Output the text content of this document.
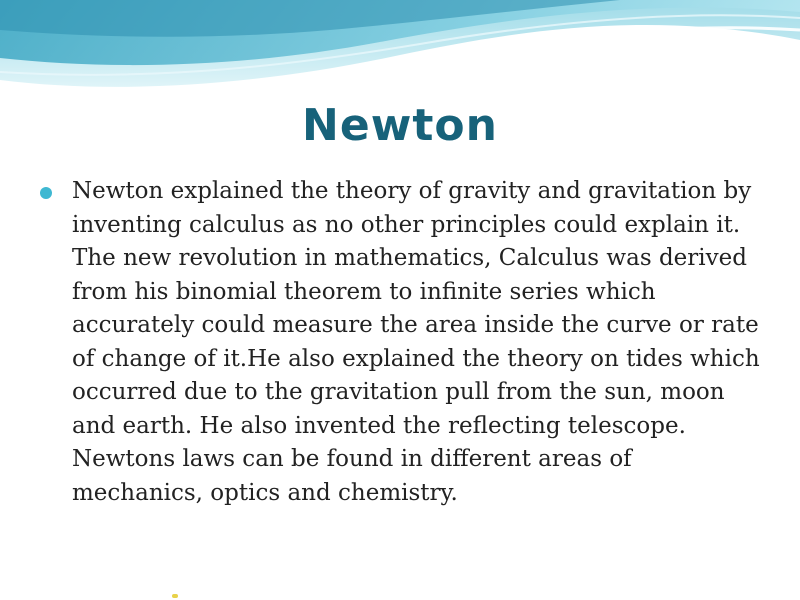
Newton

Newton explained the theory of gravity and gravitation by inventing calculus as no other principles could explain it. The new revolution in mathematics, Calculus was derived from his binomial theorem to infinite series which accurately could measure the area inside the curve or rate of change of it.He also explained the theory on tides which occurred due to the gravitation pull from the sun, moon and earth. He also invented the reflecting telescope. Newtons laws can be found in different areas of mechanics, optics and chemistry.
